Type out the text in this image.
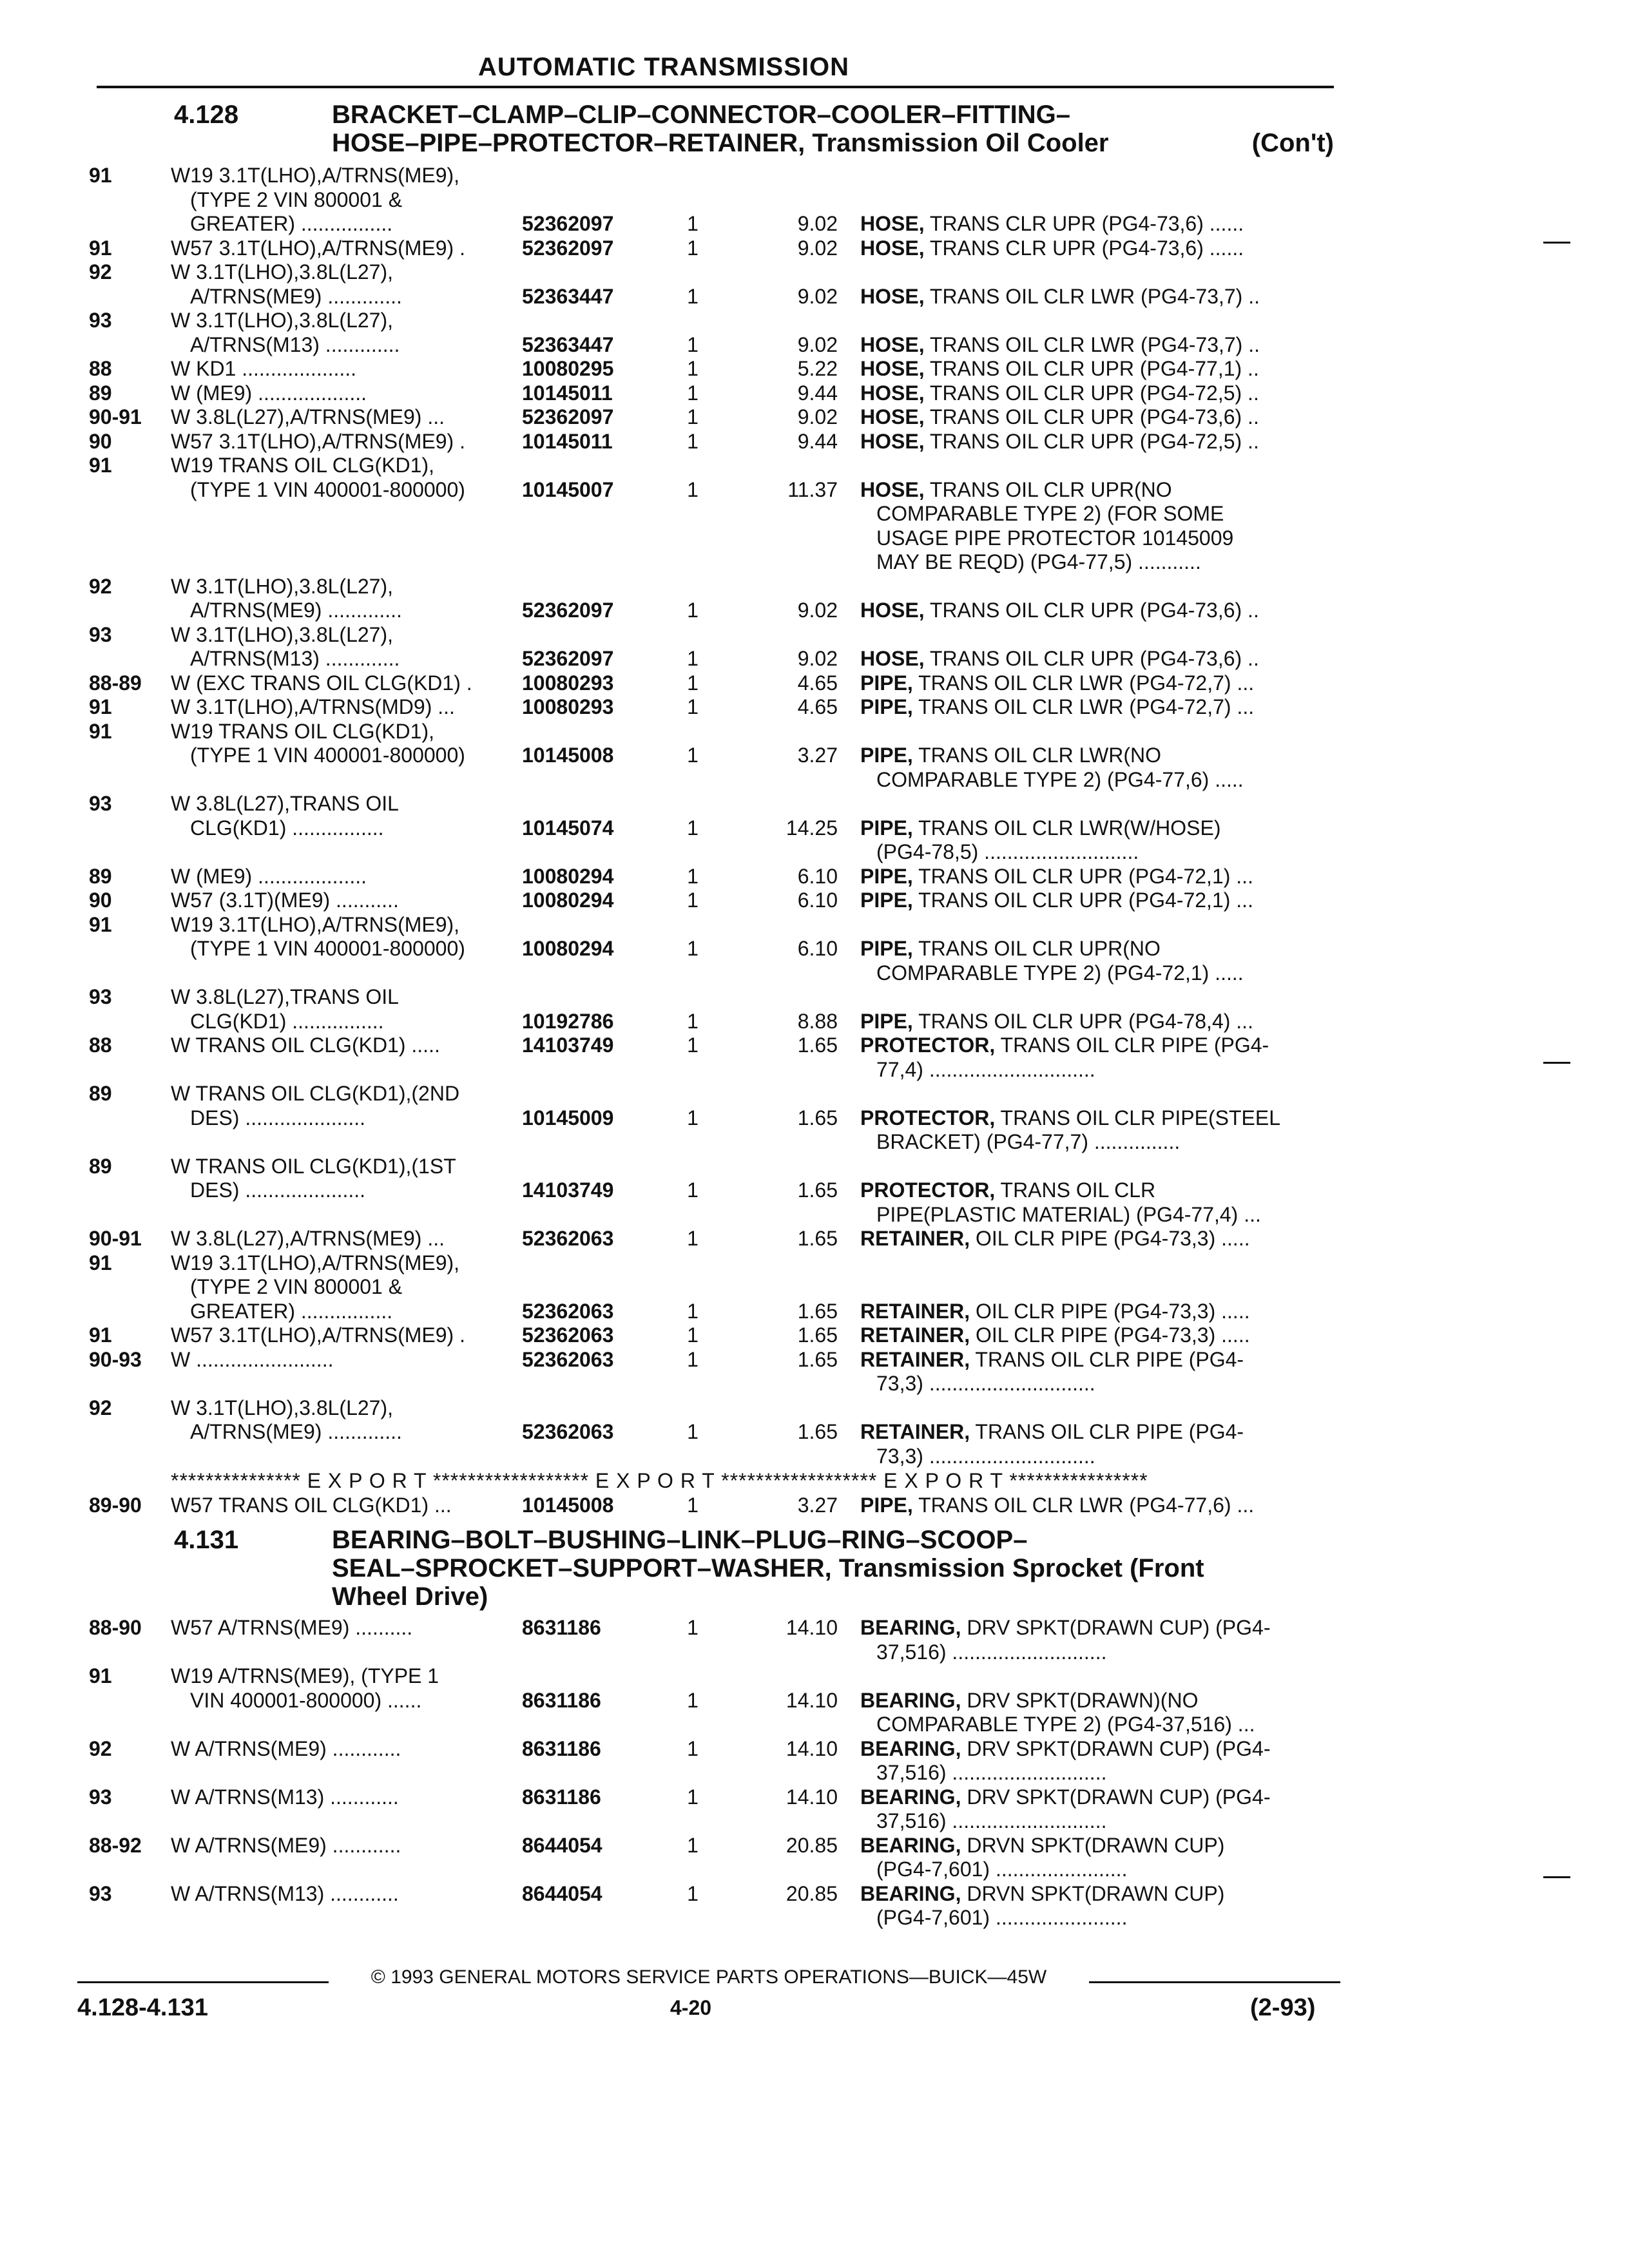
AUTOMATIC TRANSMISSION
4.128	BRACKET–CLAMP–CLIP–CONNECTOR–COOLER–FITTING–
HOSE–PIPE–PROTECTOR–RETAINER, Transmission Oil Cooler	(Con't)
91	W19 3.1T(LHO),A/TRNS(ME9),
(TYPE 2 VIN 800001 &
GREATER) ................	52362097	1	9.02 HOSE, TRANS CLR UPR (PG4-73,6) ......
91	W57 3.1T(LHO),A/TRNS(ME9) .	52362097	1	9.02 HOSE, TRANS CLR UPR (PG4-73,6) ......
92	W 3.1T(LHO),3.8L(L27),
A/TRNS(ME9) .............	52363447	1	9.02 HOSE, TRANS OIL CLR LWR (PG4-73,7) ..
93	W 3.1T(LHO),3.8L(L27),
A/TRNS(M13) .............	52363447	1	9.02 HOSE, TRANS OIL CLR LWR (PG4-73,7) ..
88	W KD1 ....................	10080295	1	5.22 HOSE, TRANS OIL CLR UPR (PG4-77,1) ..
89	W (ME9) ...................	10145011	1	9.44 HOSE, TRANS OIL CLR UPR (PG4-72,5) ..
90-91	W 3.8L(L27),A/TRNS(ME9) ...	52362097	1	9.02 HOSE, TRANS OIL CLR UPR (PG4-73,6) ..
90	W57 3.1T(LHO),A/TRNS(ME9) .	10145011	1	9.44 HOSE, TRANS OIL CLR UPR (PG4-72,5) ..
91	W19 TRANS OIL CLG(KD1),
(TYPE 1 VIN 400001-800000)	10145007	1	11.37 HOSE, TRANS OIL CLR UPR(NO
COMPARABLE TYPE 2) (FOR SOME
USAGE PIPE PROTECTOR 10145009
MAY BE REQD) (PG4-77,5) ...........
92	W 3.1T(LHO),3.8L(L27),
A/TRNS(ME9) .............	52362097	1	9.02 HOSE, TRANS OIL CLR UPR (PG4-73,6) ..
93	W 3.1T(LHO),3.8L(L27),
A/TRNS(M13) .............	52362097	1	9.02 HOSE, TRANS OIL CLR UPR (PG4-73,6) ..
88-89	W (EXC TRANS OIL CLG(KD1) .	10080293	1	4.65 PIPE, TRANS OIL CLR LWR (PG4-72,7) ...
91	W 3.1T(LHO),A/TRNS(MD9) ...	10080293	1	4.65 PIPE, TRANS OIL CLR LWR (PG4-72,7) ...
91	W19 TRANS OIL CLG(KD1),
(TYPE 1 VIN 400001-800000)	10145008	1	3.27 PIPE, TRANS OIL CLR LWR(NO
COMPARABLE TYPE 2) (PG4-77,6) .....
93	W 3.8L(L27),TRANS OIL
CLG(KD1) ................	10145074	1	14.25 PIPE, TRANS OIL CLR LWR(W/HOSE)
(PG4-78,5) ...........................
89	W (ME9) ...................	10080294	1	6.10 PIPE, TRANS OIL CLR UPR (PG4-72,1) ...
90	W57 (3.1T)(ME9) ...........	10080294	1	6.10 PIPE, TRANS OIL CLR UPR (PG4-72,1) ...
91	W19 3.1T(LHO),A/TRNS(ME9),
(TYPE 1 VIN 400001-800000)	10080294	1	6.10 PIPE, TRANS OIL CLR UPR(NO
COMPARABLE TYPE 2) (PG4-72,1) .....
93	W 3.8L(L27),TRANS OIL
CLG(KD1) ................	10192786	1	8.88 PIPE, TRANS OIL CLR UPR (PG4-78,4) ...
88	W TRANS OIL CLG(KD1) .....	14103749	1	1.65 PROTECTOR, TRANS OIL CLR PIPE (PG4-
77,4) .............................
89	W TRANS OIL CLG(KD1),(2ND
DES) .....................	10145009	1	1.65 PROTECTOR, TRANS OIL CLR PIPE(STEEL
BRACKET) (PG4-77,7) ...............
89	W TRANS OIL CLG(KD1),(1ST
DES) .....................	14103749	1	1.65 PROTECTOR, TRANS OIL CLR
PIPE(PLASTIC MATERIAL) (PG4-77,4) ...
90-91	W 3.8L(L27),A/TRNS(ME9) ...	52362063	1	1.65 RETAINER, OIL CLR PIPE (PG4-73,3) .....
91	W19 3.1T(LHO),A/TRNS(ME9),
(TYPE 2 VIN 800001 &
GREATER) ................	52362063	1	1.65 RETAINER, OIL CLR PIPE (PG4-73,3) .....
91	W57 3.1T(LHO),A/TRNS(ME9) .	52362063	1	1.65 RETAINER, OIL CLR PIPE (PG4-73,3) .....
90-93	W ........................	52362063	1	1.65 RETAINER, TRANS OIL CLR PIPE (PG4-
73,3) .............................
92	W 3.1T(LHO),3.8L(L27),
A/TRNS(ME9) .............	52362063	1	1.65 RETAINER, TRANS OIL CLR PIPE (PG4-
73,3) .............................
*************** E X P O R T ****************** E X P O R T ****************** E X P O R T ****************
89-90	W57 TRANS OIL CLG(KD1) ...	10145008	1	3.27 PIPE, TRANS OIL CLR LWR (PG4-77,6) ...
4.131	BEARING–BOLT–BUSHING–LINK–PLUG–RING–SCOOP–
SEAL–SPROCKET–SUPPORT–WASHER, Transmission Sprocket (Front
Wheel Drive)
88-90	W57 A/TRNS(ME9) ..........	8631186	1	14.10 BEARING, DRV SPKT(DRAWN CUP) (PG4-
37,516) ...........................
91	W19 A/TRNS(ME9), (TYPE 1
VIN 400001-800000) ......	8631186	1	14.10 BEARING, DRV SPKT(DRAWN)(NO
COMPARABLE TYPE 2) (PG4-37,516) ...
92	W A/TRNS(ME9) ............	8631186	1	14.10 BEARING, DRV SPKT(DRAWN CUP) (PG4-
37,516) ...........................
93	W A/TRNS(M13) ............	8631186	1	14.10 BEARING, DRV SPKT(DRAWN CUP) (PG4-
37,516) ...........................
88-92	W A/TRNS(ME9) ............	8644054	1	20.85 BEARING, DRVN SPKT(DRAWN CUP)
(PG4-7,601) .......................
93	W A/TRNS(M13) ............	8644054	1	20.85 BEARING, DRVN SPKT(DRAWN CUP)
(PG4-7,601) .......................
© 1993 GENERAL MOTORS SERVICE PARTS OPERATIONS—BUICK—45W
4.128-4.131	4-20	(2-93)
